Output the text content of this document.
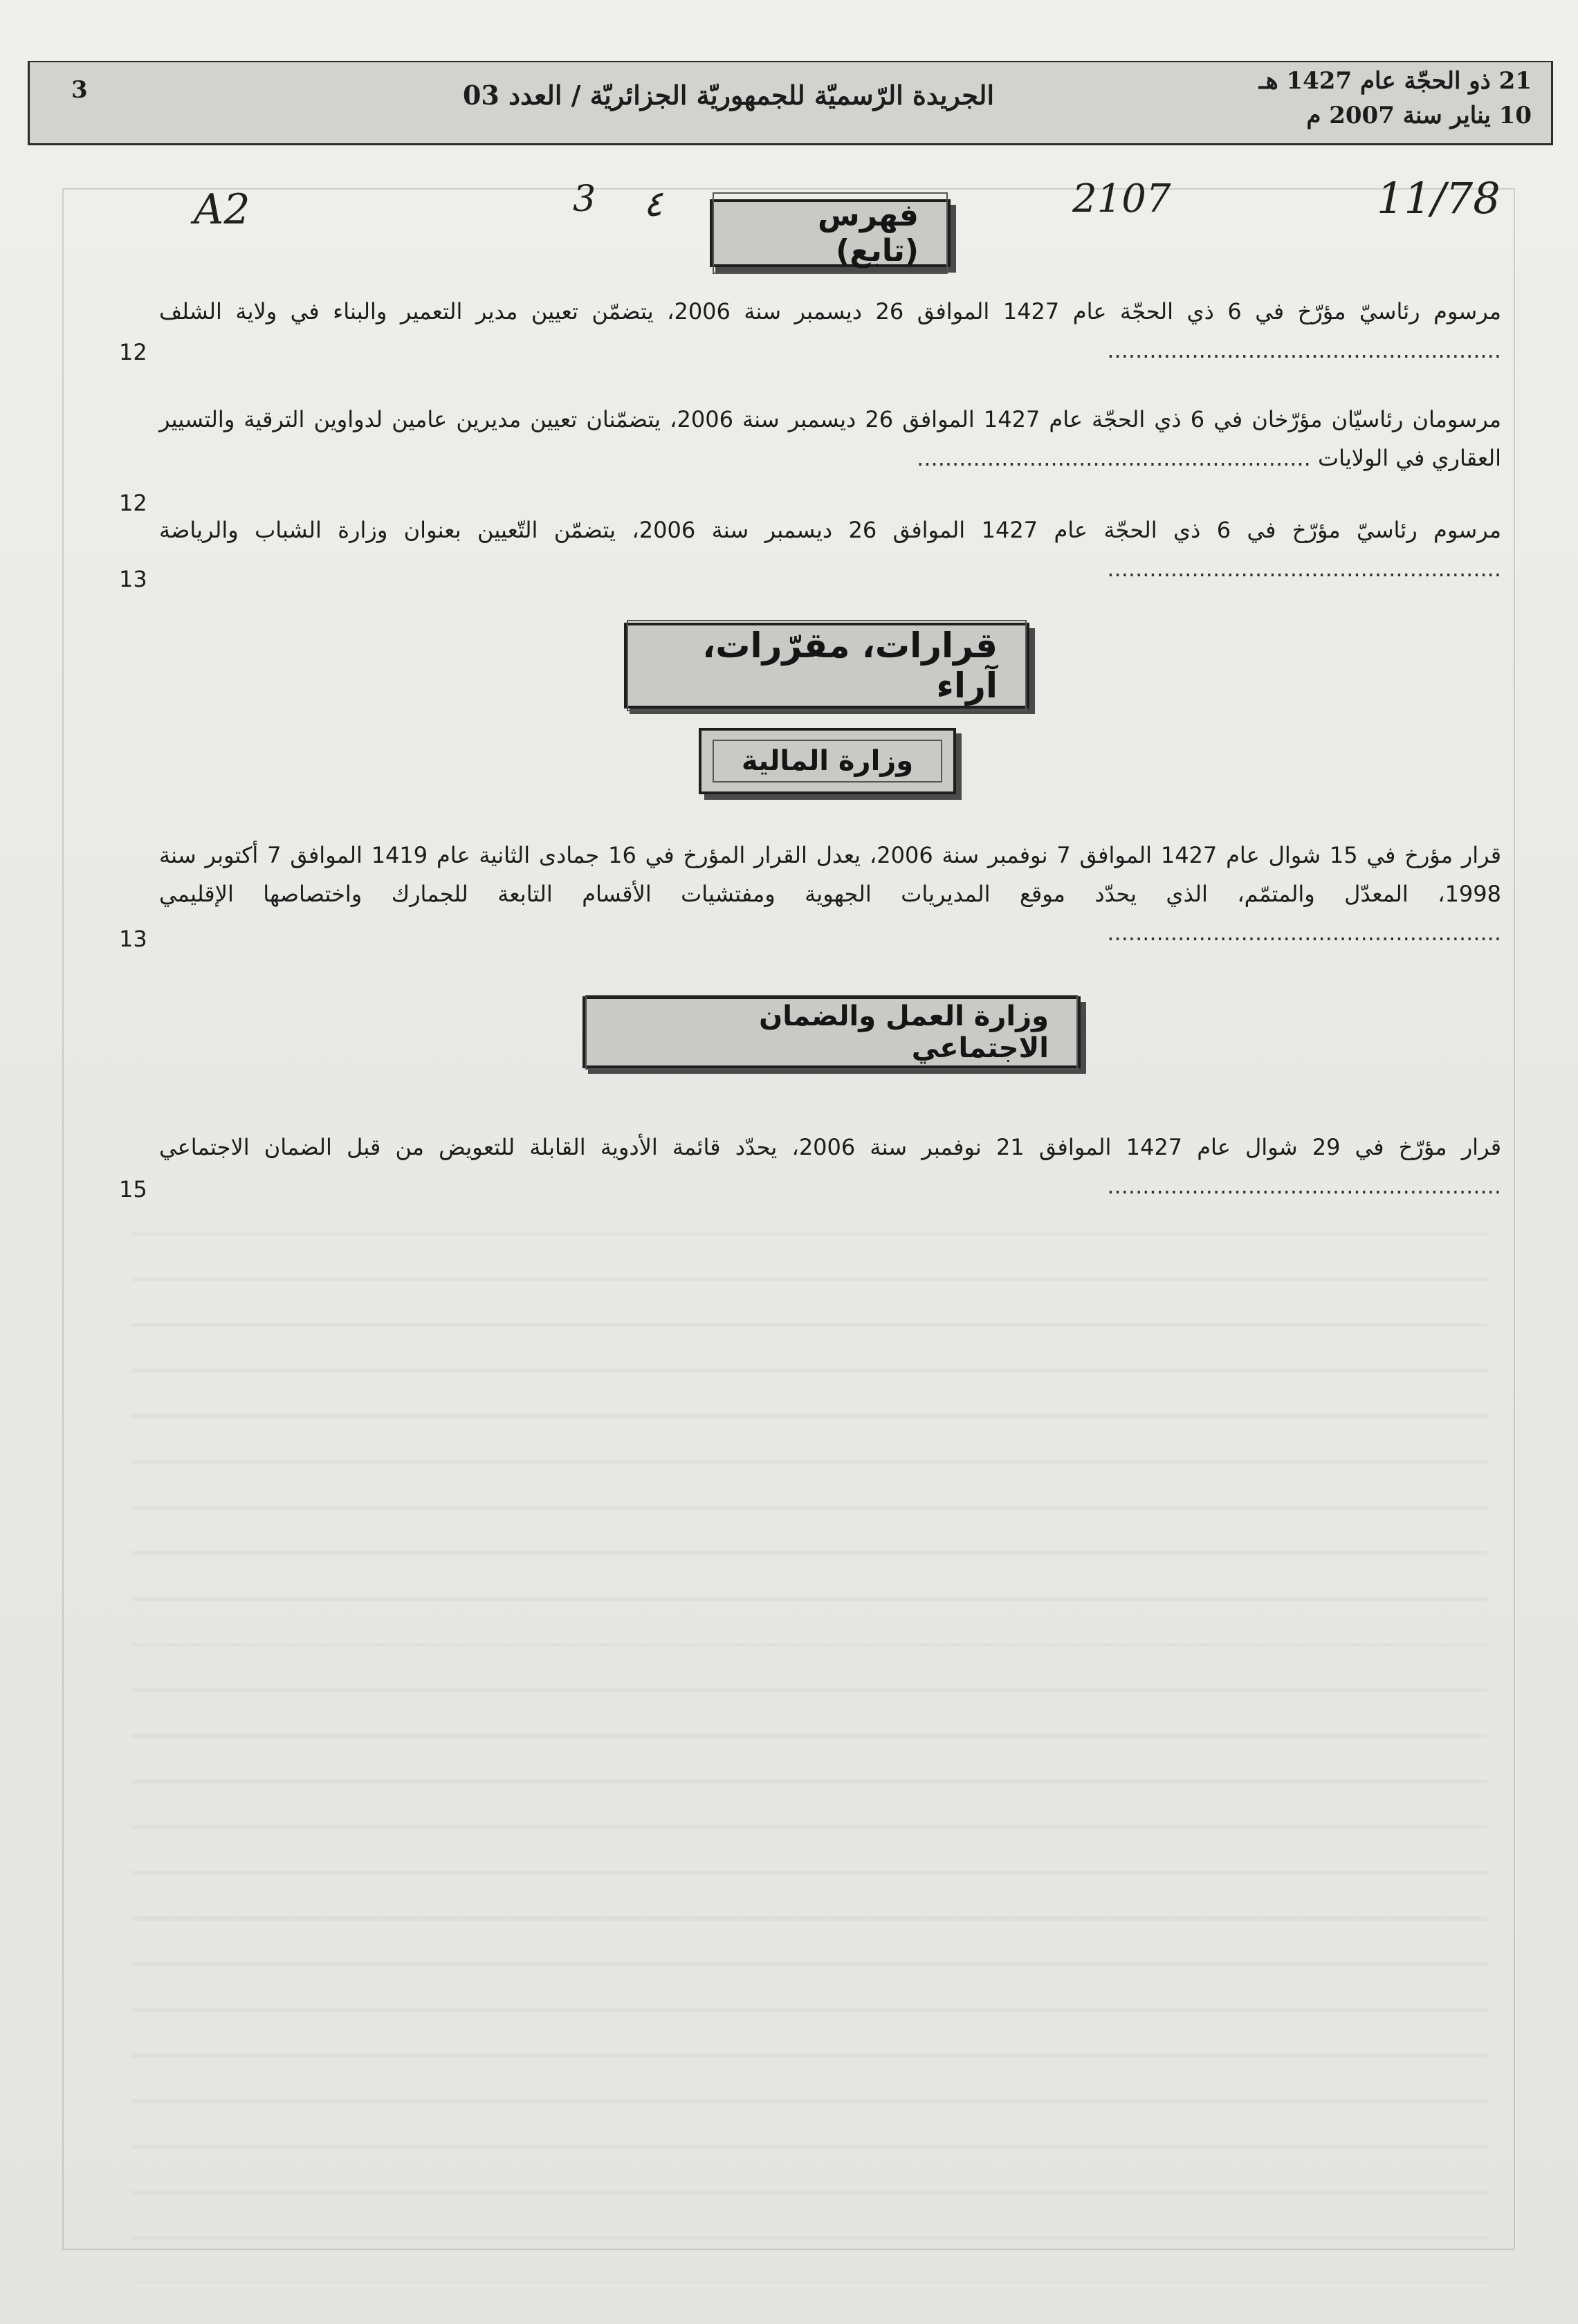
21 ذو الحجّة عام 1427 هـ
10 يناير سنة 2007 م
الجريدة الرّسميّة للجمهوريّة الجزائريّة / العدد 03
3
A2	3 ٤	2107	11/78
فهرس (تابع)
مرسوم رئاسيّ مؤرّخ في 6 ذي الحجّة عام 1427 الموافق 26 ديسمبر سنة 2006، يتضمّن تعيين مدير التعمير والبناء في ولاية الشلف ........................................................
12
مرسومان رئاسيّان مؤرّخان في 6 ذي الحجّة عام 1427 الموافق 26 ديسمبر سنة 2006، يتضمّنان تعيين مديرين عامين لدواوين الترقية والتسيير العقاري في الولايات ........................................................
12
مرسوم رئاسيّ مؤرّخ في 6 ذي الحجّة عام 1427 الموافق 26 ديسمبر سنة 2006، يتضمّن التّعيين بعنوان وزارة الشباب والرياضة ........................................................
13
قرارات، مقرّرات، آراء
وزارة المالية
قرار مؤرخ في 15 شوال عام 1427 الموافق 7 نوفمبر سنة 2006، يعدل القرار المؤرخ في 16 جمادى الثانية عام 1419 الموافق 7 أكتوبر سنة 1998، المعدّل والمتمّم، الذي يحدّد موقع المديريات الجهوية ومفتشيات الأقسام التابعة للجمارك واختصاصها الإقليمي ........................................................
13
وزارة العمل والضمان الاجتماعي
قرار مؤرّخ في 29 شوال عام 1427 الموافق 21 نوفمبر سنة 2006، يحدّد قائمة الأدوية القابلة للتعويض من قبل الضمان الاجتماعي ........................................................
15
